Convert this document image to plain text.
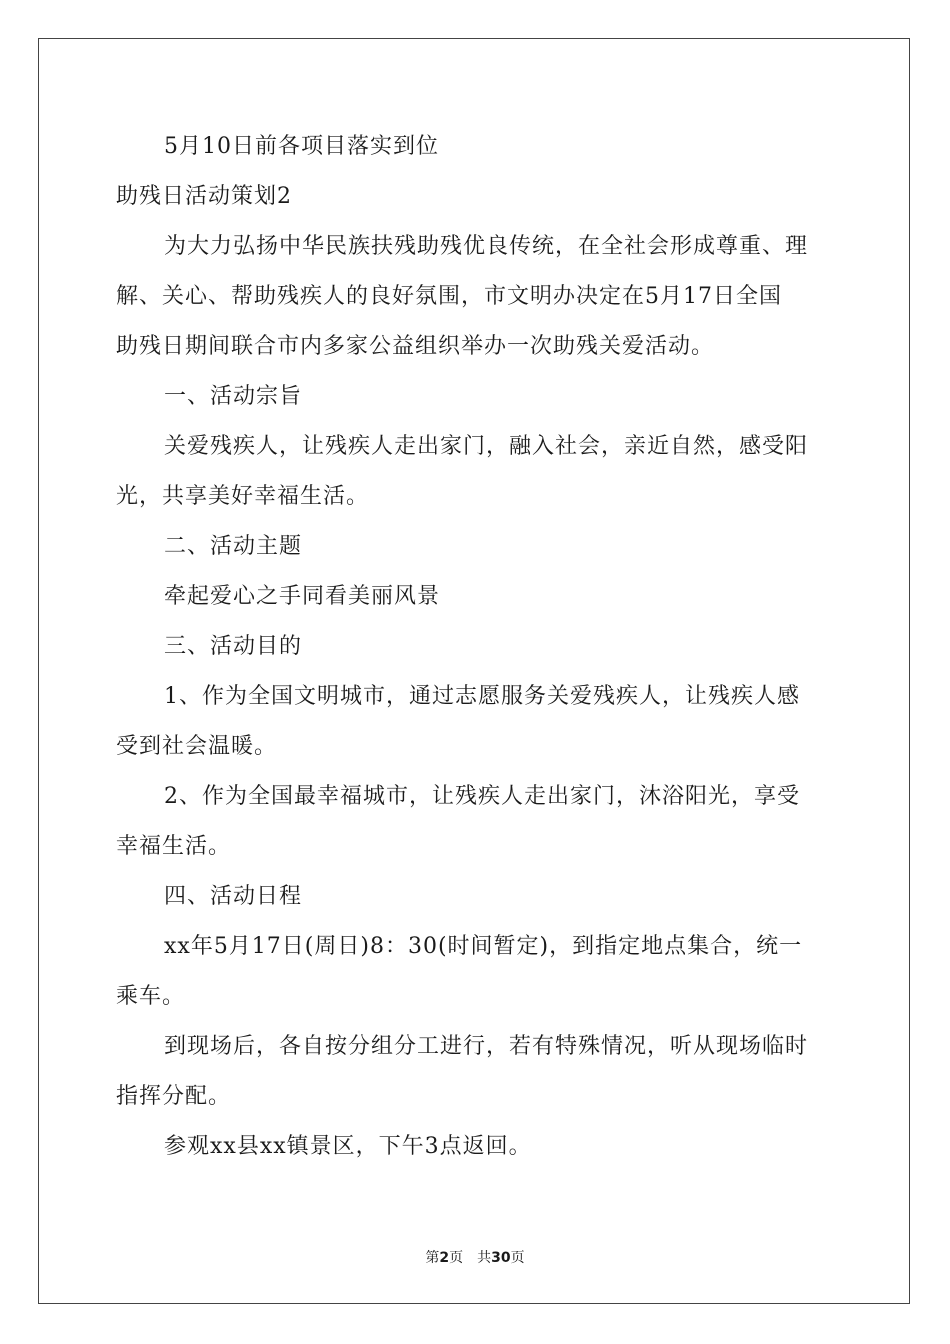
5月10日前各项目落实到位
助残日活动策划2
为大力弘扬中华民族扶残助残优良传统，在全社会形成尊重、理
解、关心、帮助残疾人的良好氛围，市文明办决定在5月17日全国
助残日期间联合市内多家公益组织举办一次助残关爱活动。
一、活动宗旨
关爱残疾人，让残疾人走出家门，融入社会，亲近自然，感受阳
光，共享美好幸福生活。
二、活动主题
牵起爱心之手同看美丽风景
三、活动目的
1、作为全国文明城市，通过志愿服务关爱残疾人，让残疾人感
受到社会温暖。
2、作为全国最幸福城市，让残疾人走出家门，沐浴阳光，享受
幸福生活。
四、活动日程
xx年5月17日(周日)8：30(时间暂定)，到指定地点集合，统一
乘车。
到现场后，各自按分组分工进行，若有特殊情况，听从现场临时
指挥分配。
参观xx县xx镇景区，下午3点返回。
第2页 共30页
